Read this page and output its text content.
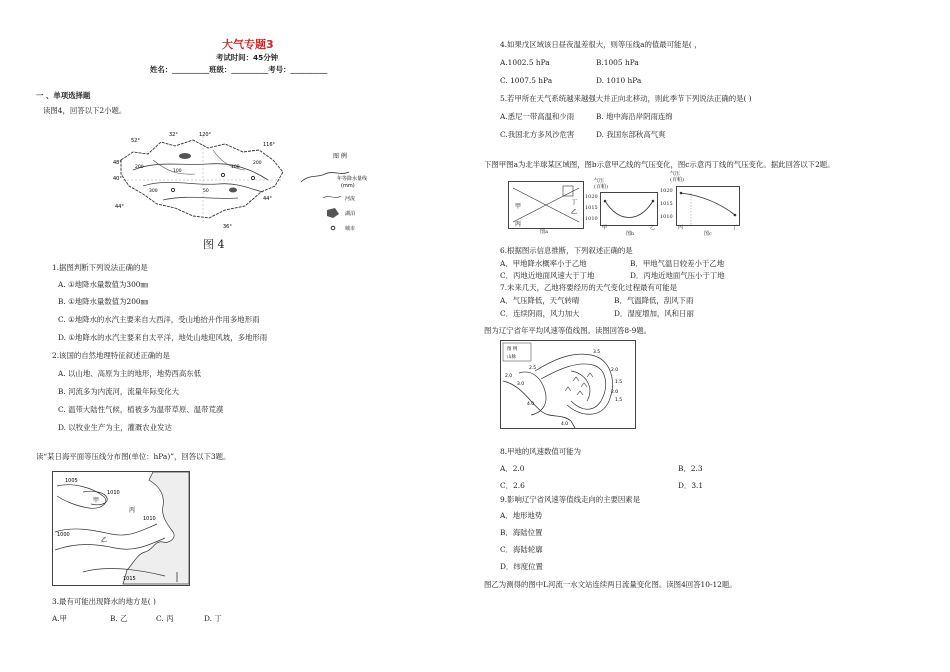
大气专题3
考试时间：45分钟
姓名：__________班级：__________考号：__________
一 、单项选择题
读图4，回答以下2小题。
52°
32°	120°
116°
40°
48°
44°
44°
36°
200
100
50
100
200
300
图 例
年等降水量线
(mm)
河流
湖泊
城市
图 4
1.据图判断下列说法正确的是
A. ①地降水量数值为300㎜
B. ①地降水量数值为200㎜
C. ①地降水的水汽主要来自大西洋，受山地抬升作用多地形雨
D. ①地降水的水汽主要来自太平洋，地处山地迎风坡，多地形雨
2.该国的自然地理特征叙述正确的是
A. 以山地、高原为主的地形，地势西高东低
B. 河流多为内流河，流量年际变化大
C. 温带大陆性气候，植被多为温带草原、温带荒漠
D. 以牧业生产为主，灌溉农业发达
读“某日海平面等压线分布图(单位：hPa)”，回答以下3题。
1005
1010
甲
丙
1010
1000
乙
1015
3.最有可能出现降水的地方是( )
A.甲	B. 乙	C. 丙	D. 丁
4.如果戊区域该日昼夜温差很大，则等压线a的值最可能是( ，
A.1002.5 hPa	B.1005 hPa
C. 1007.5 hPa	D. 1010 hPa
5.若甲所在天气系统越来越强大并正向北移动，则此季节下列说法正确的是( )
A.悉尼一带高温和少雨	B. 地中海沿岸阴雨连绵
C.我国北方多风沙危害	D. 我国东部秋高气爽
下图甲图a为北半球某区域图，图b示意甲乙线的气压变化，图c示意丙丁线的气压变化。据此回答以下2题。
甲
乙
丙
丁
图a
气压
(百帕)
1020
1015
1010
甲	乙
图b
气压
(百帕)
1020
1015
1010
丙	丁
图c
6.根据图示信息推断，下列叙述正确的是
A．甲地降水概率小于乙地	B．甲地气温日较差小于乙地
C．丙地近地面风速大于丁地	D．丙地近地面气压小于丁地
7.未来几天，乙地将要经历的天气变化过程最有可能是
A．气压降低，天气转晴	B．气温降低，刮风下雨
C．连续阴雨，风力加大	D．湿度增加，风和日丽
图为辽宁省年平均风速等值线图。读图回答8-9题。
图 例
山脉
3.5
2.5
2.0
3.0
2.0
1.5
2.0
4.0
1.5
4.0
8.甲地的风速数值可能为
A．2.0	B．2.3
C．2.6	D．3.1
9.影响辽宁省风速等值线走向的主要因素是
A．地形地势
B．海陆位置
C．海陆轮廓
D．纬度位置
图乙为测得的图中L河流一水文站连续两日流量变化图。读图4回答10-12题。
